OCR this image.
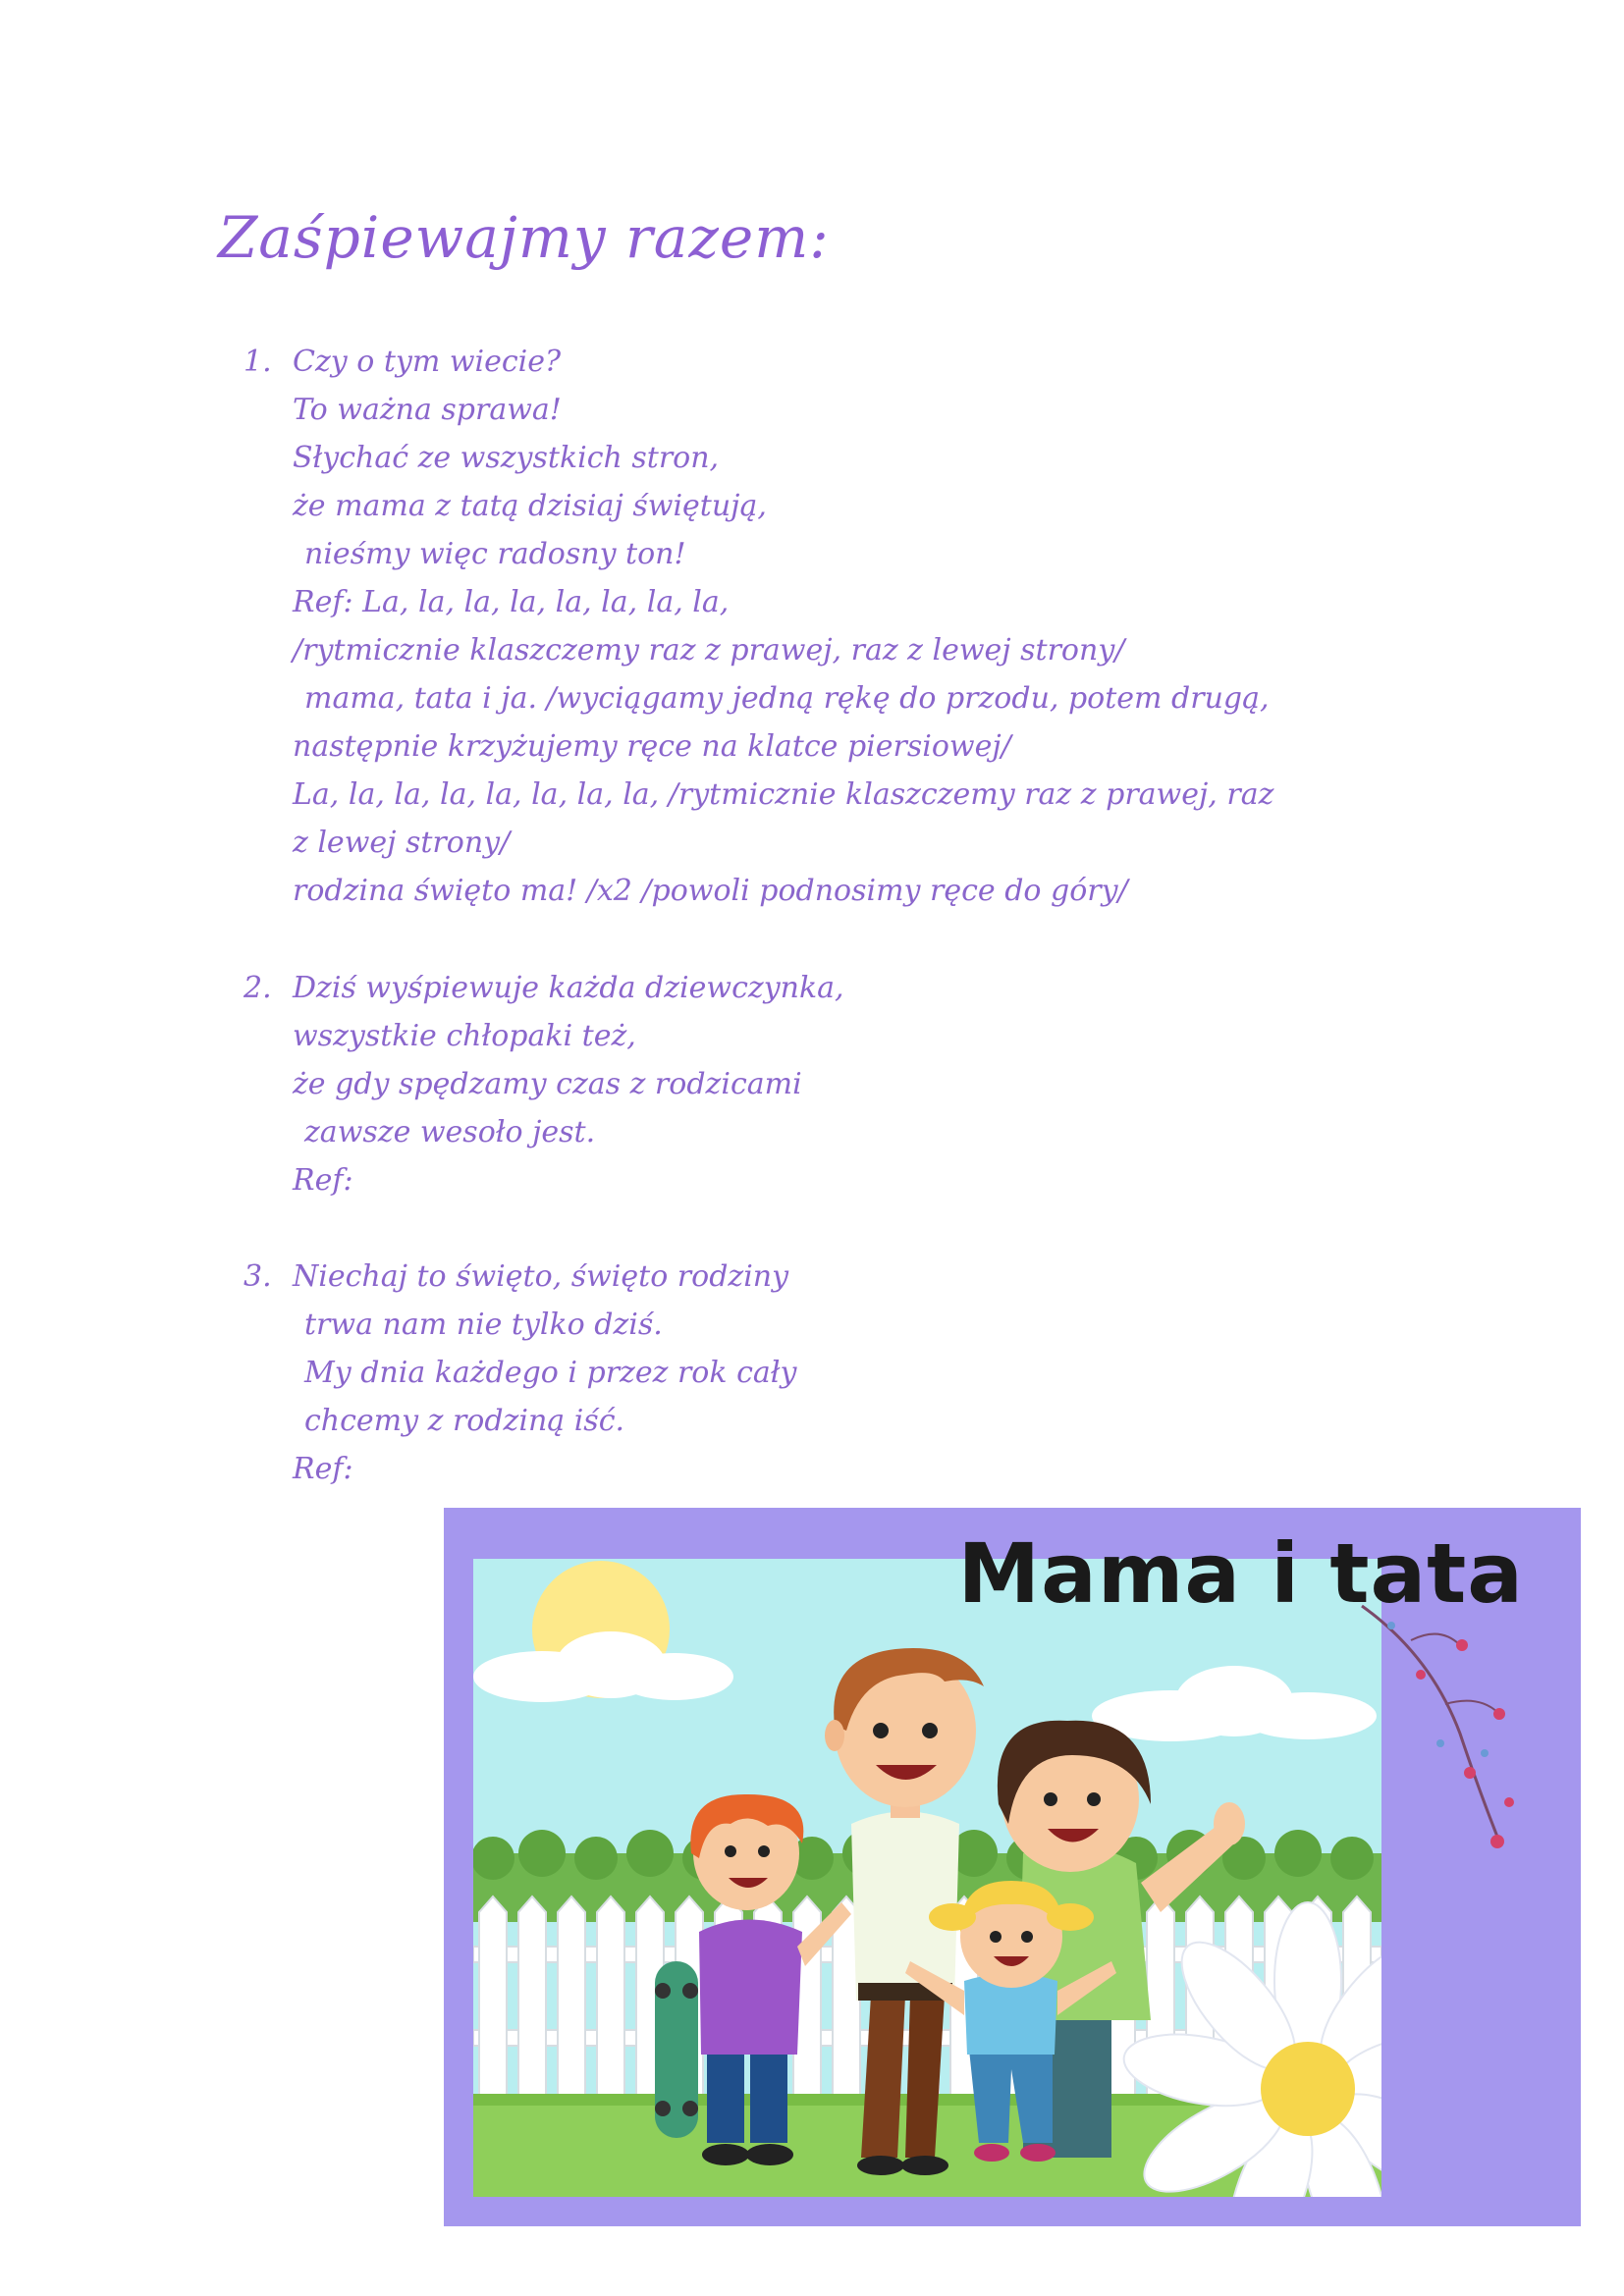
Zaśpiewajmy razem:
1. Czy o tym wiecie?
To ważna sprawa!
Słychać ze wszystkich stron,
że mama z tatą dzisiaj świętują,
nieśmy więc radosny ton!
Ref: La, la, la, la, la, la, la, la,
/rytmicznie klaszczemy raz z prawej, raz z lewej strony/
mama, tata i ja. /wyciągamy jedną rękę do przodu, potem drugą,
następnie krzyżujemy ręce na klatce piersiowej/
La, la, la, la, la, la, la, la, /rytmicznie klaszczemy raz z prawej, raz
z lewej strony/
rodzina święto ma! /x2 /powoli podnosimy ręce do góry/
2. Dziś wyśpiewuje każda dziewczynka,
wszystkie chłopaki też,
że gdy spędzamy czas z rodzicami
zawsze wesoło jest.
Ref:
3. Niechaj to święto, święto rodziny
trwa nam nie tylko dziś.
My dnia każdego i przez rok cały
chcemy z rodziną iść.
Ref:
Mama i tata
